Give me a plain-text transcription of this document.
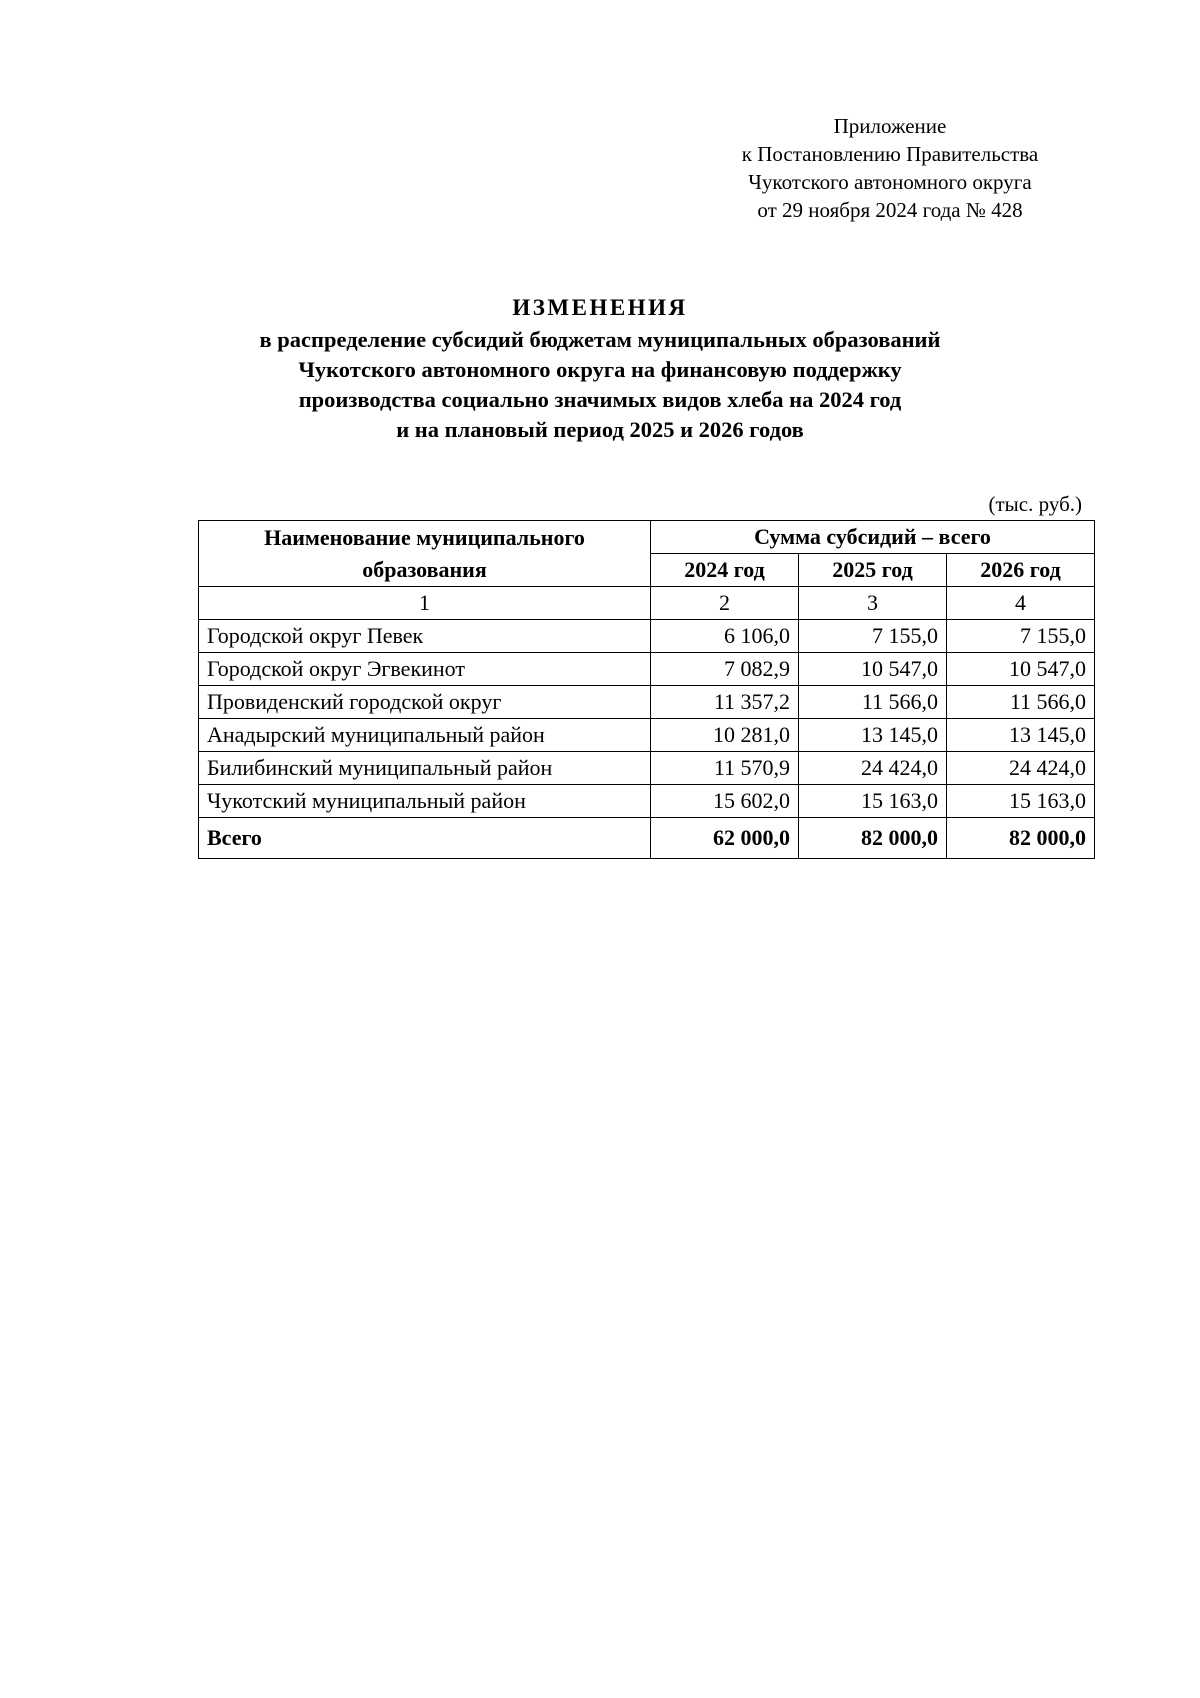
Приложение
к Постановлению Правительства
Чукотского автономного округа
от 29 ноября 2024 года № 428
ИЗМЕНЕНИЯ
в распределение субсидий бюджетам муниципальных образований
Чукотского автономного округа на финансовую поддержку
производства социально значимых видов хлеба на 2024 год
и на плановый период 2025 и 2026 годов
(тыс. руб.)
Наименование муниципального образования	Сумма субсидий – всего		
	2024 год	2025 год	2026 год
1	2	3	4
Городской округ Певек	6 106,0	7 155,0	7 155,0
Городской округ Эгвекинот	7 082,9	10 547,0	10 547,0
Провиденский городской округ	11 357,2	11 566,0	11 566,0
Анадырский муниципальный район	10 281,0	13 145,0	13 145,0
Билибинский муниципальный район	11 570,9	24 424,0	24 424,0
Чукотский муниципальный район	15 602,0	15 163,0	15 163,0
Всего	62 000,0	82 000,0	82 000,0
